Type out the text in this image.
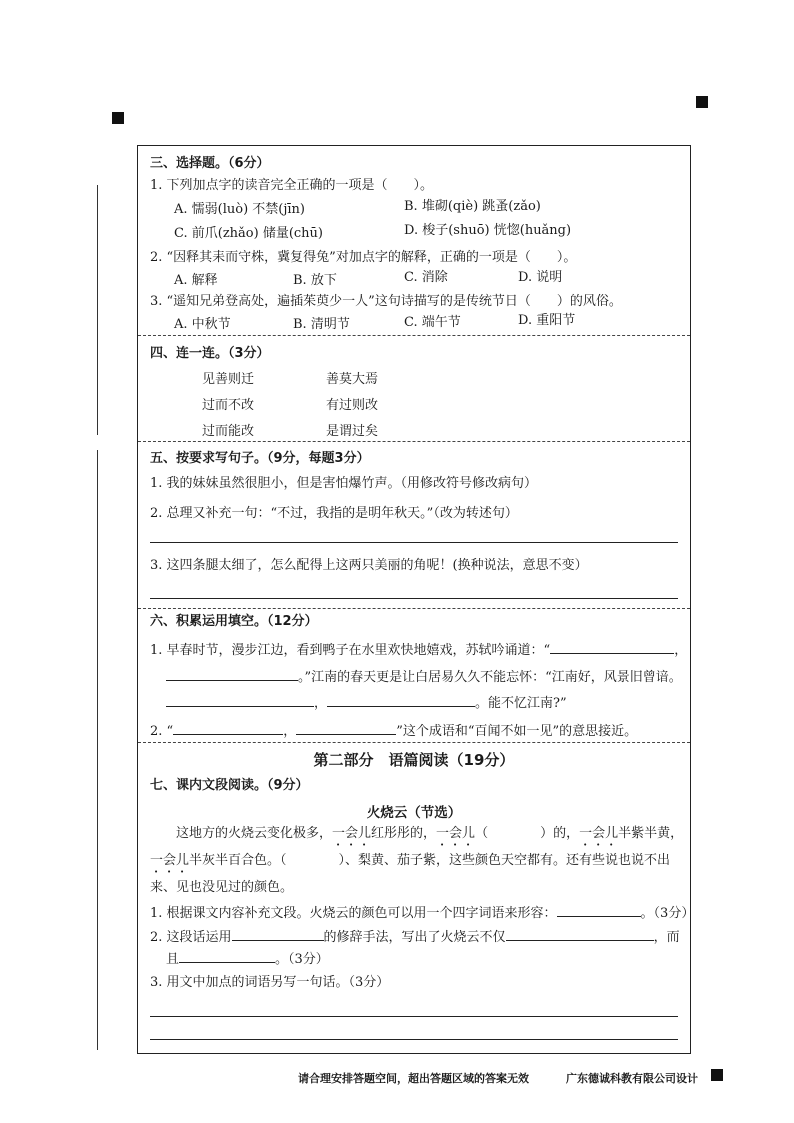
三、选择题。（6分）
1. 下列加点字的读音完全正确的一项是（　　）。
A. 懦弱(luò) 不禁(jīn)	B. 堆砌(qiè) 跳蚤(zǎo)
C. 前爪(zhǎo) 储量(chū)	D. 梭子(shuō) 恍惚(huǎng)
2. “因释其耒而守株，冀复得兔”对加点字的解释，正确的一项是（　　）。
A. 解释	B. 放下	C. 消除	D. 说明
3. “遥知兄弟登高处，遍插茱萸少一人”这句诗描写的是传统节日（　　）的风俗。
A. 中秋节	B. 清明节	C. 端午节	D. 重阳节
四、连一连。（3分）
见善则迁	善莫大焉
过而不改	有过则改
过而能改	是谓过矣
五、按要求写句子。（9分，每题3分）
1. 我的妹妹虽然很胆小，但是害怕爆竹声。（用修改符号修改病句）
2. 总理又补充一句：“不过，我指的是明年秋天。”（改为转述句）
3. 这四条腿太细了，怎么配得上这两只美丽的角呢！(换种说法，意思不变）
六、积累运用填空。（12分）
1. 早春时节，漫步江边，看到鸭子在水里欢快地嬉戏，苏轼吟诵道：“	，
。”江南的春天更是让白居易久久不能忘怀：“江南好，风景旧曾谙。
，	。能不忆江南?”
2. “	，	”这个成语和“百闻不如一见”的意思接近。
第二部分　语篇阅读（19分）
七、课内文段阅读。（9分）
火烧云（节选）
这地方的火烧云变化极多，一会儿红彤彤的，一会儿（　　　　）的，一会儿半紫半黄，
一会儿半灰半百合色。（　　　　）、梨黄、茄子紫，这些颜色天空都有。还有些说也说不出
来、见也没见过的颜色。
1. 根据课文内容补充文段。火烧云的颜色可以用一个四字词语来形容：	。（3分）
2. 这段话运用	的修辞手法，写出了火烧云不仅	，而
且	。（3分）
3. 用文中加点的词语另写一句话。（3分）
请合理安排答题空间，超出答题区域的答案无效	广东德诚科教有限公司设计
